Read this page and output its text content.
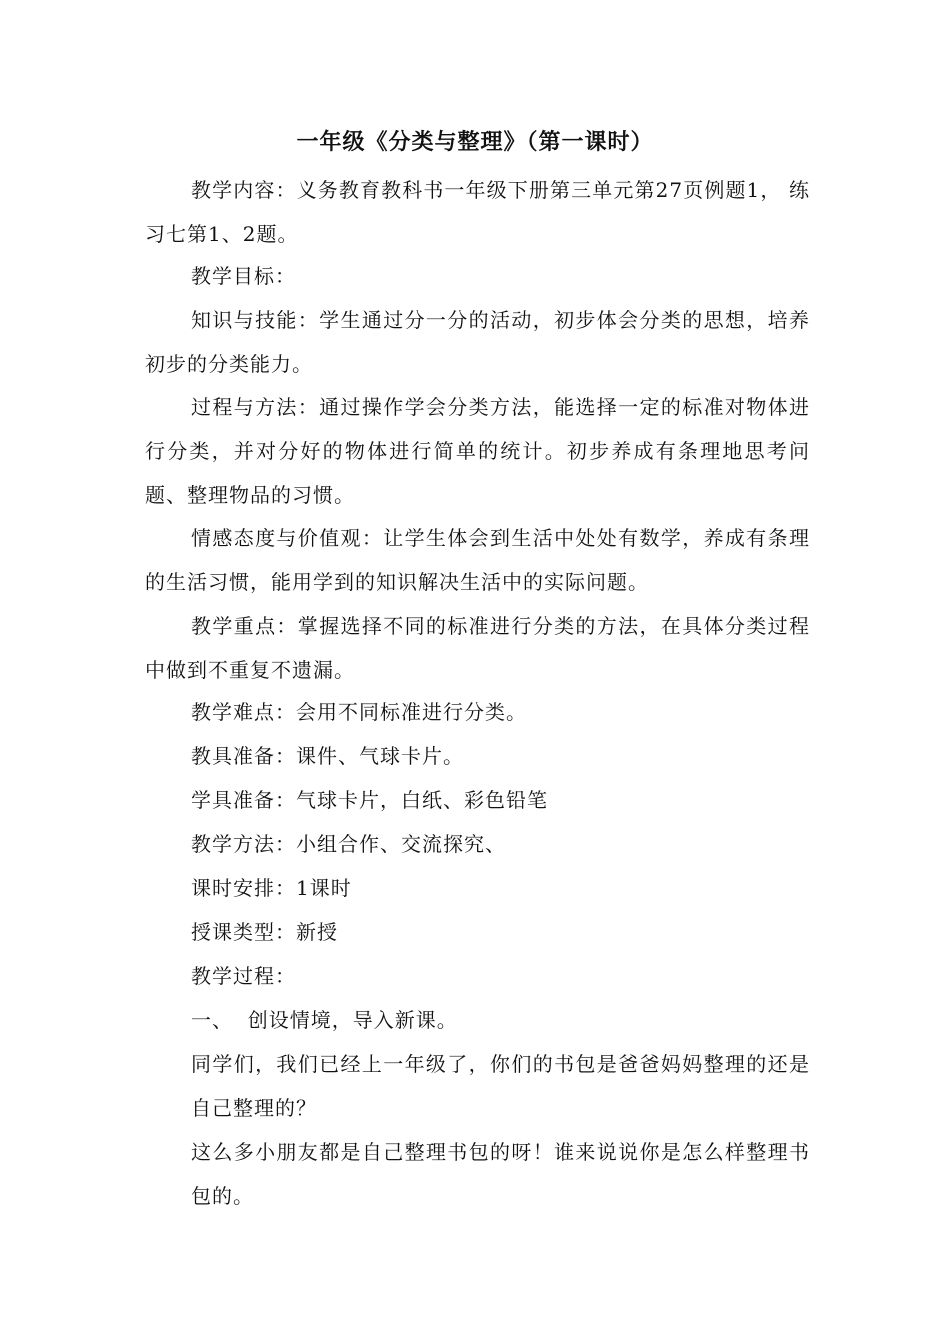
一年级《分类与整理》（第一课时）
教学内容：义务教育教科书一年级下册第三单元第27页例题1， 练习七第1、2题。
教学目标：
知识与技能：学生通过分一分的活动，初步体会分类的思想，培养初步的分类能力。
过程与方法：通过操作学会分类方法，能选择一定的标准对物体进行分类，并对分好的物体进行简单的统计。初步养成有条理地思考问题、整理物品的习惯。
情感态度与价值观：让学生体会到生活中处处有数学，养成有条理的生活习惯，能用学到的知识解决生活中的实际问题。
教学重点：掌握选择不同的标准进行分类的方法，在具体分类过程中做到不重复不遗漏。
教学难点：会用不同标准进行分类。
教具准备：课件、气球卡片。
学具准备：气球卡片，白纸、彩色铅笔
教学方法：小组合作、交流探究、
课时安排：1课时
授课类型：新授
教学过程：
一、  创设情境，导入新课。
同学们，我们已经上一年级了，你们的书包是爸爸妈妈整理的还是自己整理的？
这么多小朋友都是自己整理书包的呀！谁来说说你是怎么样整理书包的。
